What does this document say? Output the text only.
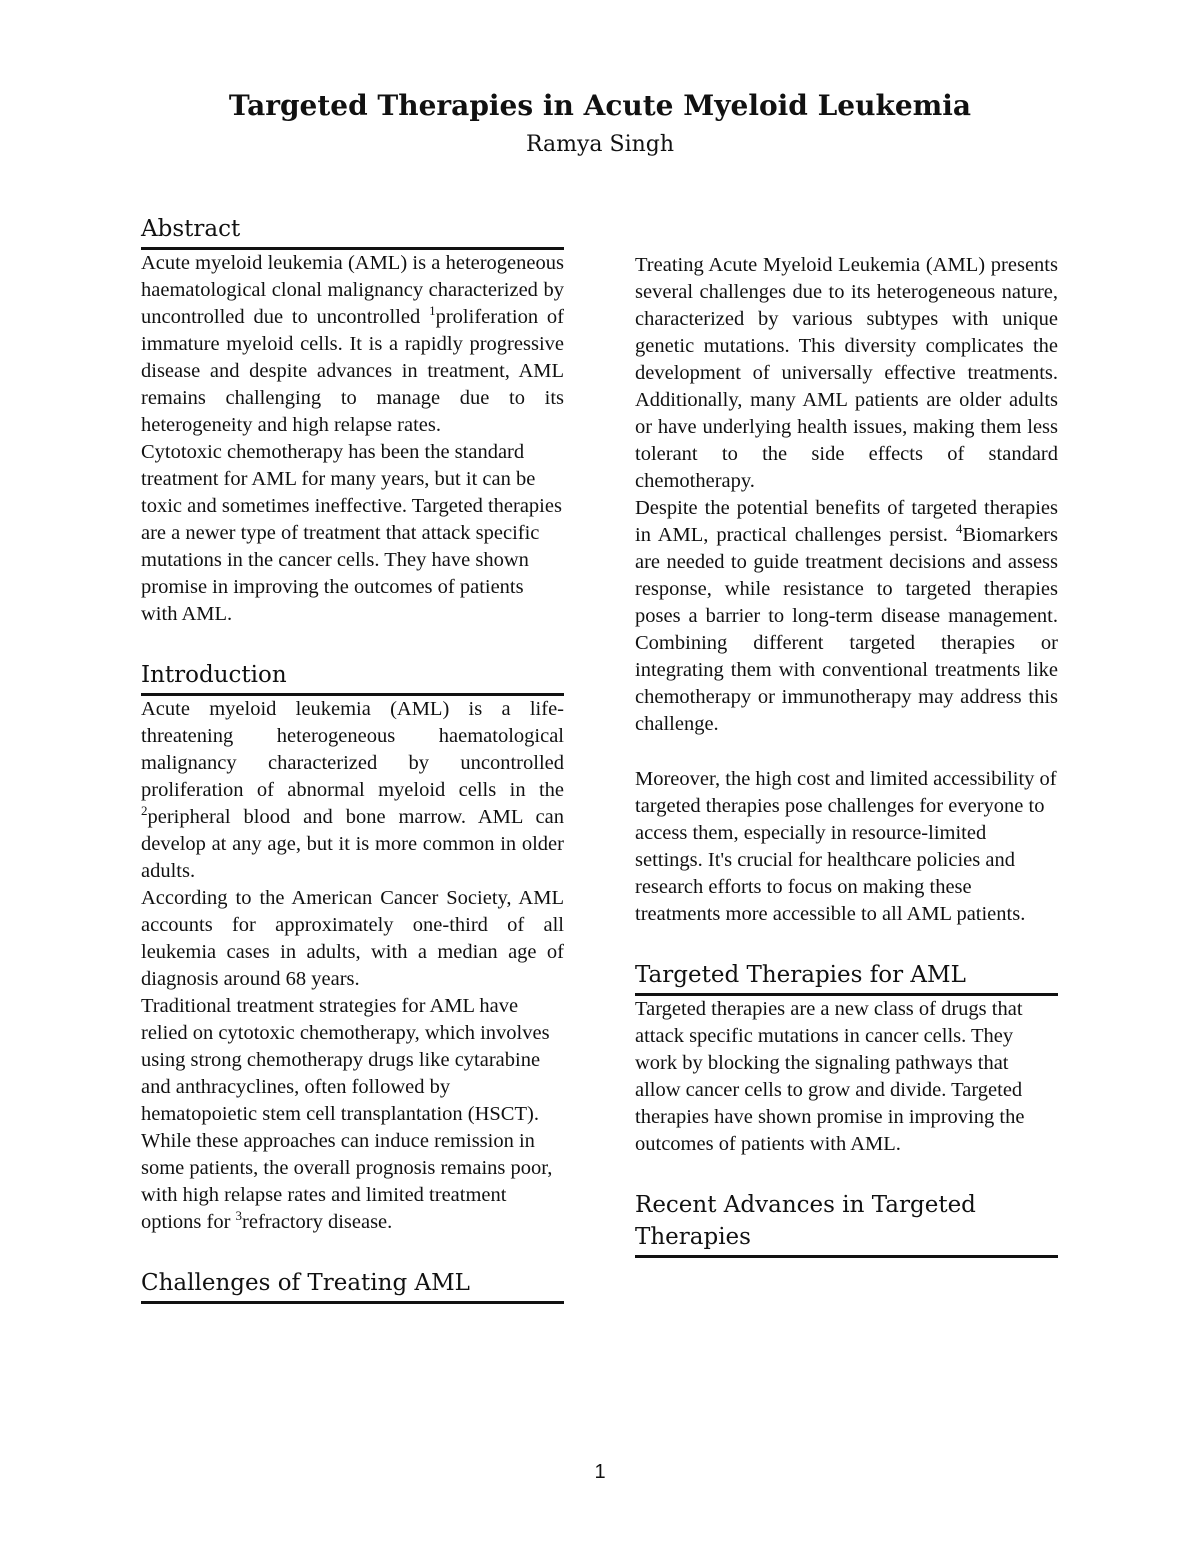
Targeted Therapies in Acute Myeloid Leukemia

Ramya Singh

Abstract

Acute myeloid leukemia (AML) is a heterogeneous haematological clonal malignancy characterized by uncontrolled due to uncontrolled $^1$proliferation of immature myeloid cells. It is a rapidly progressive disease and despite advances in treatment, AML remains challenging to manage due to its heterogeneity and high relapse rates.

Cytotoxic chemotherapy has been the standard treatment for AML for many years, but it can be toxic and sometimes ineffective. Targeted therapies are a newer type of treatment that attack specific mutations in the cancer cells. They have shown promise in improving the outcomes of patients with AML.

Introduction

Acute myeloid leukemia (AML) is a life-threatening heterogeneous haematological malignancy characterized by uncontrolled proliferation of abnormal myeloid cells in the $^2$peripheral blood and bone marrow. AML can develop at any age, but it is more common in older adults.

According to the American Cancer Society, AML accounts for approximately one-third of all leukemia cases in adults, with a median age of diagnosis around 68 years.

Traditional treatment strategies for AML have relied on cytotoxic chemotherapy, which involves using strong chemotherapy drugs like cytarabine and anthracyclines, often followed by hematopoietic stem cell transplantation (HSCT). While these approaches can induce remission in some patients, the overall prognosis remains poor, with high relapse rates and limited treatment options for $^3$refractory disease.

Challenges of Treating AML

Treating Acute Myeloid Leukemia (AML) presents several challenges due to its heterogeneous nature, characterized by various subtypes with unique genetic mutations. This diversity complicates the development of universally effective treatments. Additionally, many AML patients are older adults or have underlying health issues, making them less tolerant to the side effects of standard chemotherapy.

Despite the potential benefits of targeted therapies in AML, practical challenges persist. $^4$Biomarkers are needed to guide treatment decisions and assess response, while resistance to targeted therapies poses a barrier to long-term disease management. Combining different targeted therapies or integrating them with conventional treatments like chemotherapy or immunotherapy may address this challenge.

Moreover, the high cost and limited accessibility of targeted therapies pose challenges for everyone to access them, especially in resource-limited settings. It's crucial for healthcare policies and research efforts to focus on making these treatments more accessible to all AML patients.

Targeted Therapies for AML

Targeted therapies are a new class of drugs that attack specific mutations in cancer cells. They work by blocking the signaling pathways that allow cancer cells to grow and divide. Targeted therapies have shown promise in improving the outcomes of patients with AML.

Recent Advances in Targeted Therapies

1
